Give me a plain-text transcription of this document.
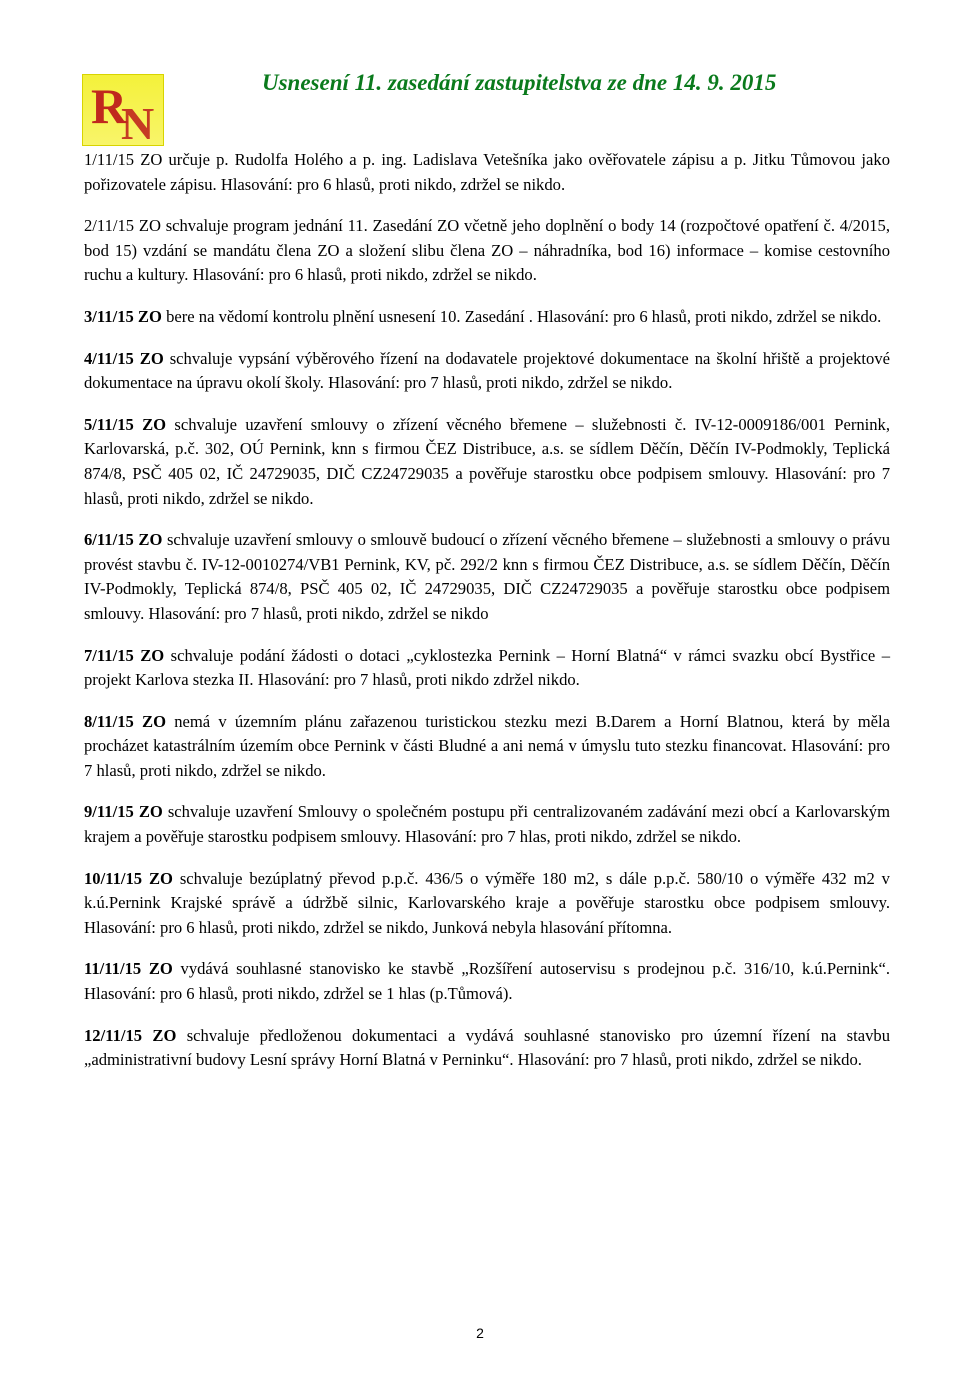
R
N
Usnesení 11. zasedání zastupitelstva ze dne 14. 9. 2015

1/11/15 ZO určuje p. Rudolfa Holého a p. ing. Ladislava Vetešníka jako ověřovatele zápisu a p. Jitku Tůmovou jako pořizovatele zápisu. Hlasování: pro 6 hlasů, proti nikdo, zdržel se nikdo.

2/11/15 ZO schvaluje program jednání 11. Zasedání ZO včetně jeho doplnění o body 14 (rozpočtové opatření č. 4/2015, bod 15) vzdání se mandátu člena ZO a složení slibu člena ZO – náhradníka, bod 16) informace – komise cestovního ruchu a kultury. Hlasování: pro 6 hlasů, proti nikdo, zdržel se nikdo.

3/11/15 ZO bere na vědomí kontrolu plnění usnesení 10. Zasedání . Hlasování: pro 6 hlasů, proti nikdo, zdržel se nikdo.

4/11/15 ZO schvaluje vypsání výběrového řízení na dodavatele projektové dokumentace na školní hřiště a projektové dokumentace na úpravu okolí školy. Hlasování: pro 7 hlasů, proti nikdo, zdržel se nikdo.

5/11/15 ZO schvaluje uzavření smlouvy o zřízení věcného břemene – služebnosti č. IV-12-0009186/001 Pernink, Karlovarská, p.č. 302, OÚ Pernink, knn s firmou ČEZ Distribuce, a.s. se sídlem Děčín, Děčín IV-Podmokly, Teplická 874/8, PSČ 405 02, IČ 24729035, DIČ CZ24729035 a pověřuje starostku obce podpisem smlouvy. Hlasování: pro 7 hlasů, proti nikdo, zdržel se nikdo.

6/11/15 ZO schvaluje uzavření smlouvy o smlouvě budoucí o zřízení věcného břemene – služebnosti a smlouvy o právu provést stavbu č. IV-12-0010274/VB1 Pernink, KV, pč. 292/2 knn s firmou ČEZ Distribuce, a.s. se sídlem Děčín, Děčín IV-Podmokly, Teplická 874/8, PSČ 405 02, IČ 24729035, DIČ CZ24729035 a pověřuje starostku obce podpisem smlouvy. Hlasování: pro 7 hlasů, proti nikdo, zdržel se nikdo

7/11/15 ZO schvaluje podání žádosti o dotaci „cyklostezka Pernink – Horní Blatná“ v rámci svazku obcí Bystřice – projekt Karlova stezka II. Hlasování: pro 7 hlasů, proti nikdo zdržel nikdo.

8/11/15 ZO nemá v územním plánu zařazenou turistickou stezku mezi B.Darem a Horní Blatnou, která by měla procházet katastrálním územím obce Pernink v části Bludné a ani nemá v úmyslu tuto stezku financovat. Hlasování: pro 7 hlasů, proti nikdo, zdržel se nikdo.

9/11/15 ZO schvaluje uzavření Smlouvy o společném postupu při centralizovaném zadávání mezi obcí a Karlovarským krajem a pověřuje starostku podpisem smlouvy. Hlasování: pro 7 hlas, proti nikdo, zdržel se nikdo.

10/11/15 ZO schvaluje bezúplatný převod p.p.č. 436/5 o výměře 180 m2, s dále p.p.č. 580/10 o výměře 432 m2 v k.ú.Pernink Krajské správě a údržbě silnic, Karlovarského kraje a pověřuje starostku obce podpisem smlouvy. Hlasování: pro 6 hlasů, proti nikdo, zdržel se nikdo, Junková nebyla hlasování přítomna.

11/11/15 ZO vydává souhlasné stanovisko ke stavbě „Rozšíření autoservisu s prodejnou p.č. 316/10, k.ú.Pernink“. Hlasování: pro 6 hlasů, proti nikdo, zdržel se 1 hlas (p.Tůmová).

12/11/15 ZO schvaluje předloženou dokumentaci a vydává souhlasné stanovisko pro územní řízení na stavbu „administrativní budovy Lesní správy Horní Blatná v Perninku“. Hlasování: pro 7 hlasů, proti nikdo, zdržel se nikdo.

2
